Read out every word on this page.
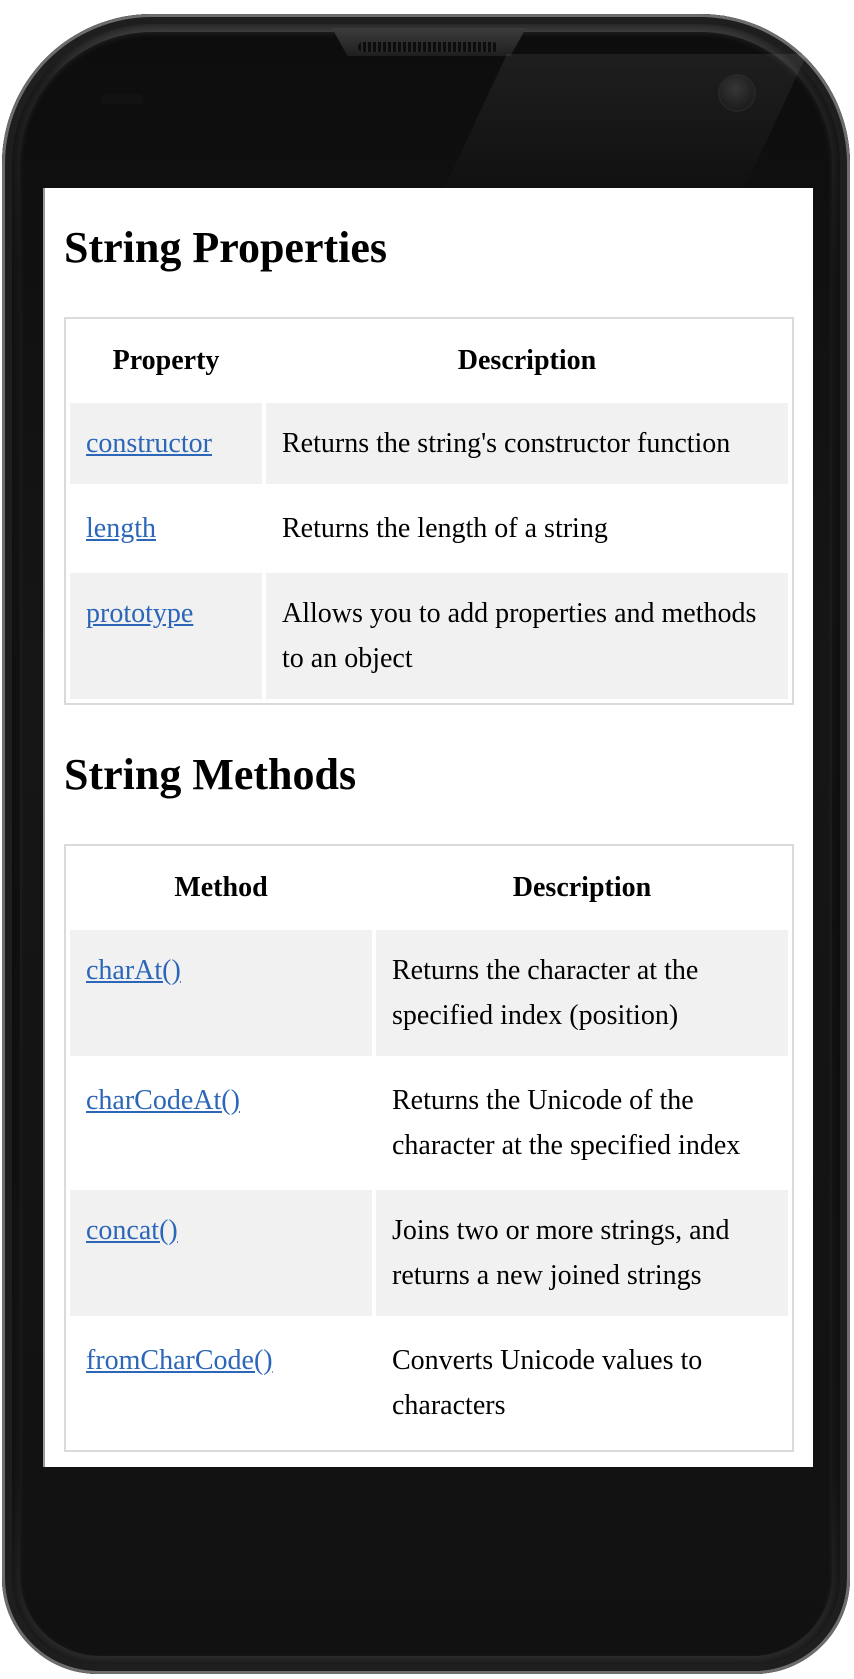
String Properties
Property	Description
constructor	Returns the string's constructor function
length	Returns the length of a string
prototype	Allows you to add properties and methods to an object
String Methods
Method	Description
charAt()	Returns the character at the specified index (position)
charCodeAt()	Returns the Unicode of the character at the specified index
concat()	Joins two or more strings, and returns a new joined strings
fromCharCode()	Converts Unicode values to characters
